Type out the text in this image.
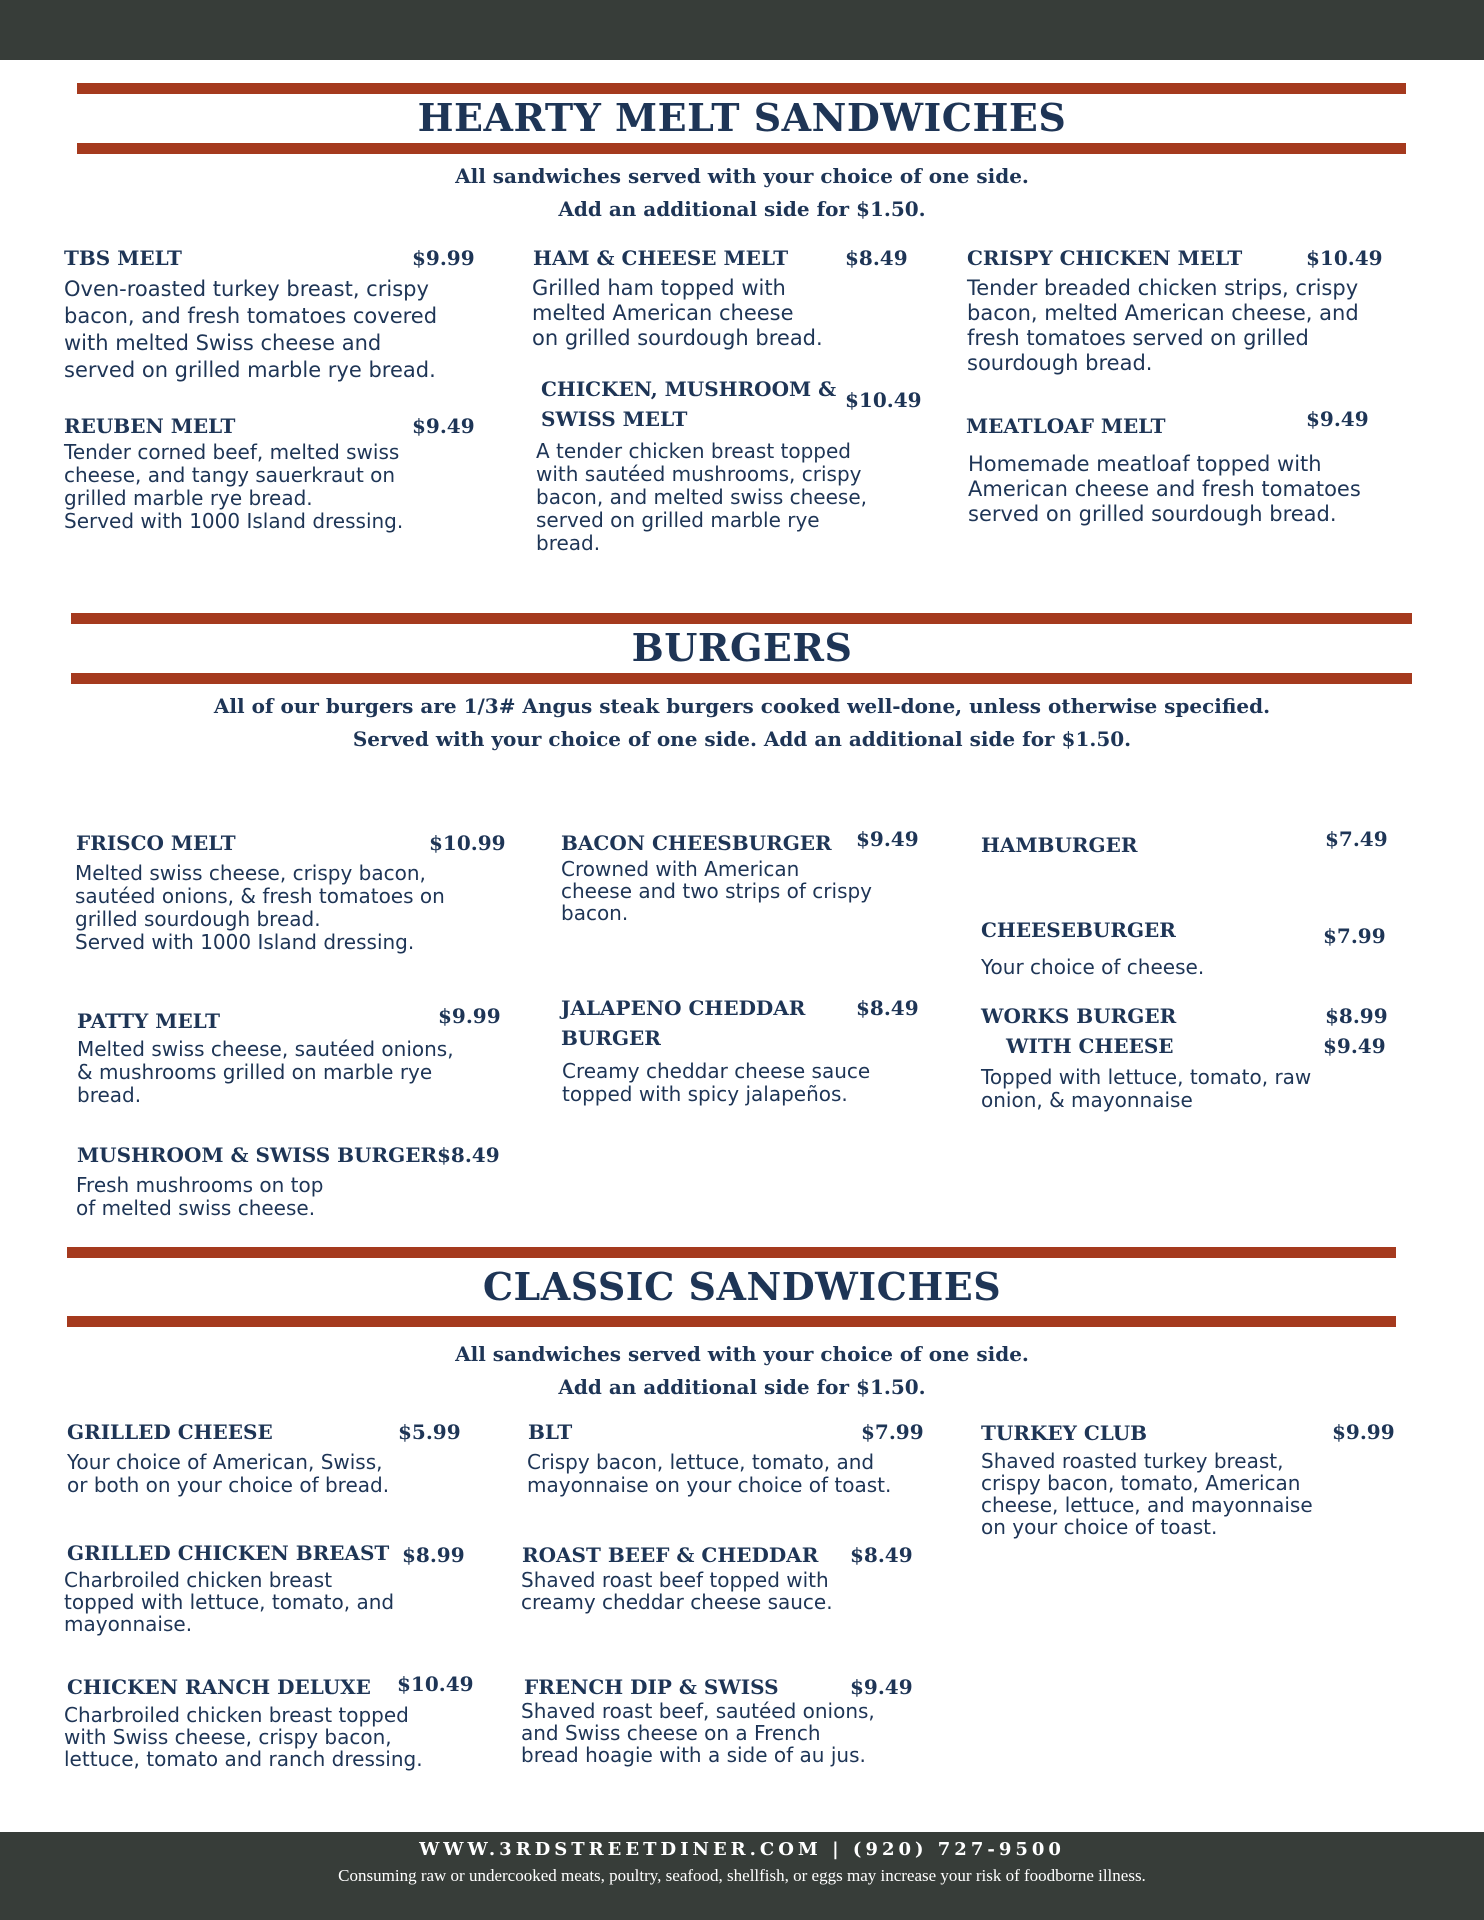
HEARTY MELT SANDWICHES
All sandwiches served with your choice of one side.
Add an additional side for $1.50.
TBS MELT	$9.99
Oven-roasted turkey breast, crispy
bacon, and fresh tomatoes covered
with melted Swiss cheese and
served on grilled marble rye bread.
REUBEN MELT	$9.49
Tender corned beef, melted swiss
cheese, and tangy sauerkraut on
grilled marble rye bread.
Served with 1000 Island dressing.
HAM & CHEESE MELT	$8.49
Grilled ham topped with
melted American cheese
on grilled sourdough bread.
CHICKEN, MUSHROOM &
SWISS MELT
$10.49
A tender chicken breast topped
with sautéed mushrooms, crispy
bacon, and melted swiss cheese,
served on grilled marble rye
bread.
CRISPY CHICKEN MELT	$10.49
Tender breaded chicken strips, crispy
bacon, melted American cheese, and
fresh tomatoes served on grilled
sourdough bread.
MEATLOAF MELT	$9.49
Homemade meatloaf topped with
American cheese and fresh tomatoes
served on grilled sourdough bread.
BURGERS
All of our burgers are 1/3# Angus steak burgers cooked well-done, unless otherwise specified.
Served with your choice of one side. Add an additional side for $1.50.
FRISCO MELT	$10.99
Melted swiss cheese, crispy bacon,
sautéed onions, & fresh tomatoes on
grilled sourdough bread.
Served with 1000 Island dressing.
PATTY MELT	$9.99
Melted swiss cheese, sautéed onions,
& mushrooms grilled on marble rye
bread.
MUSHROOM & SWISS BURGER $8.49
Fresh mushrooms on top
of melted swiss cheese.
BACON CHEESBURGER $9.49
Crowned with American
cheese and two strips of crispy
bacon.
JALAPENO CHEDDAR
BURGER
$8.49
Creamy cheddar cheese sauce
topped with spicy jalapeños.
HAMBURGER	$7.49
CHEESEBURGER	$7.99
Your choice of cheese.
WORKS BURGER	$8.99
WITH CHEESE	$9.49
Topped with lettuce, tomato, raw
onion, & mayonnaise
CLASSIC SANDWICHES
All sandwiches served with your choice of one side.
Add an additional side for $1.50.
GRILLED CHEESE	$5.99
Your choice of American, Swiss,
or both on your choice of bread.
GRILLED CHICKEN BREAST $8.99
Charbroiled chicken breast
topped with lettuce, tomato, and
mayonnaise.
CHICKEN RANCH DELUXE $10.49
Charbroiled chicken breast topped
with Swiss cheese, crispy bacon,
lettuce, tomato and ranch dressing.
BLT	$7.99
Crispy bacon, lettuce, tomato, and
mayonnaise on your choice of toast.
ROAST BEEF & CHEDDAR $8.49
Shaved roast beef topped with
creamy cheddar cheese sauce.
FRENCH DIP & SWISS	$9.49
Shaved roast beef, sautéed onions,
and Swiss cheese on a French
bread hoagie with a side of au jus.
TURKEY CLUB	$9.99
Shaved roasted turkey breast,
crispy bacon, tomato, American
cheese, lettuce, and mayonnaise
on your choice of toast.
WWW.3RDSTREETDINER.COM | (920) 727-9500
Consuming raw or undercooked meats, poultry, seafood, shellfish, or eggs may increase your risk of foodborne illness.
